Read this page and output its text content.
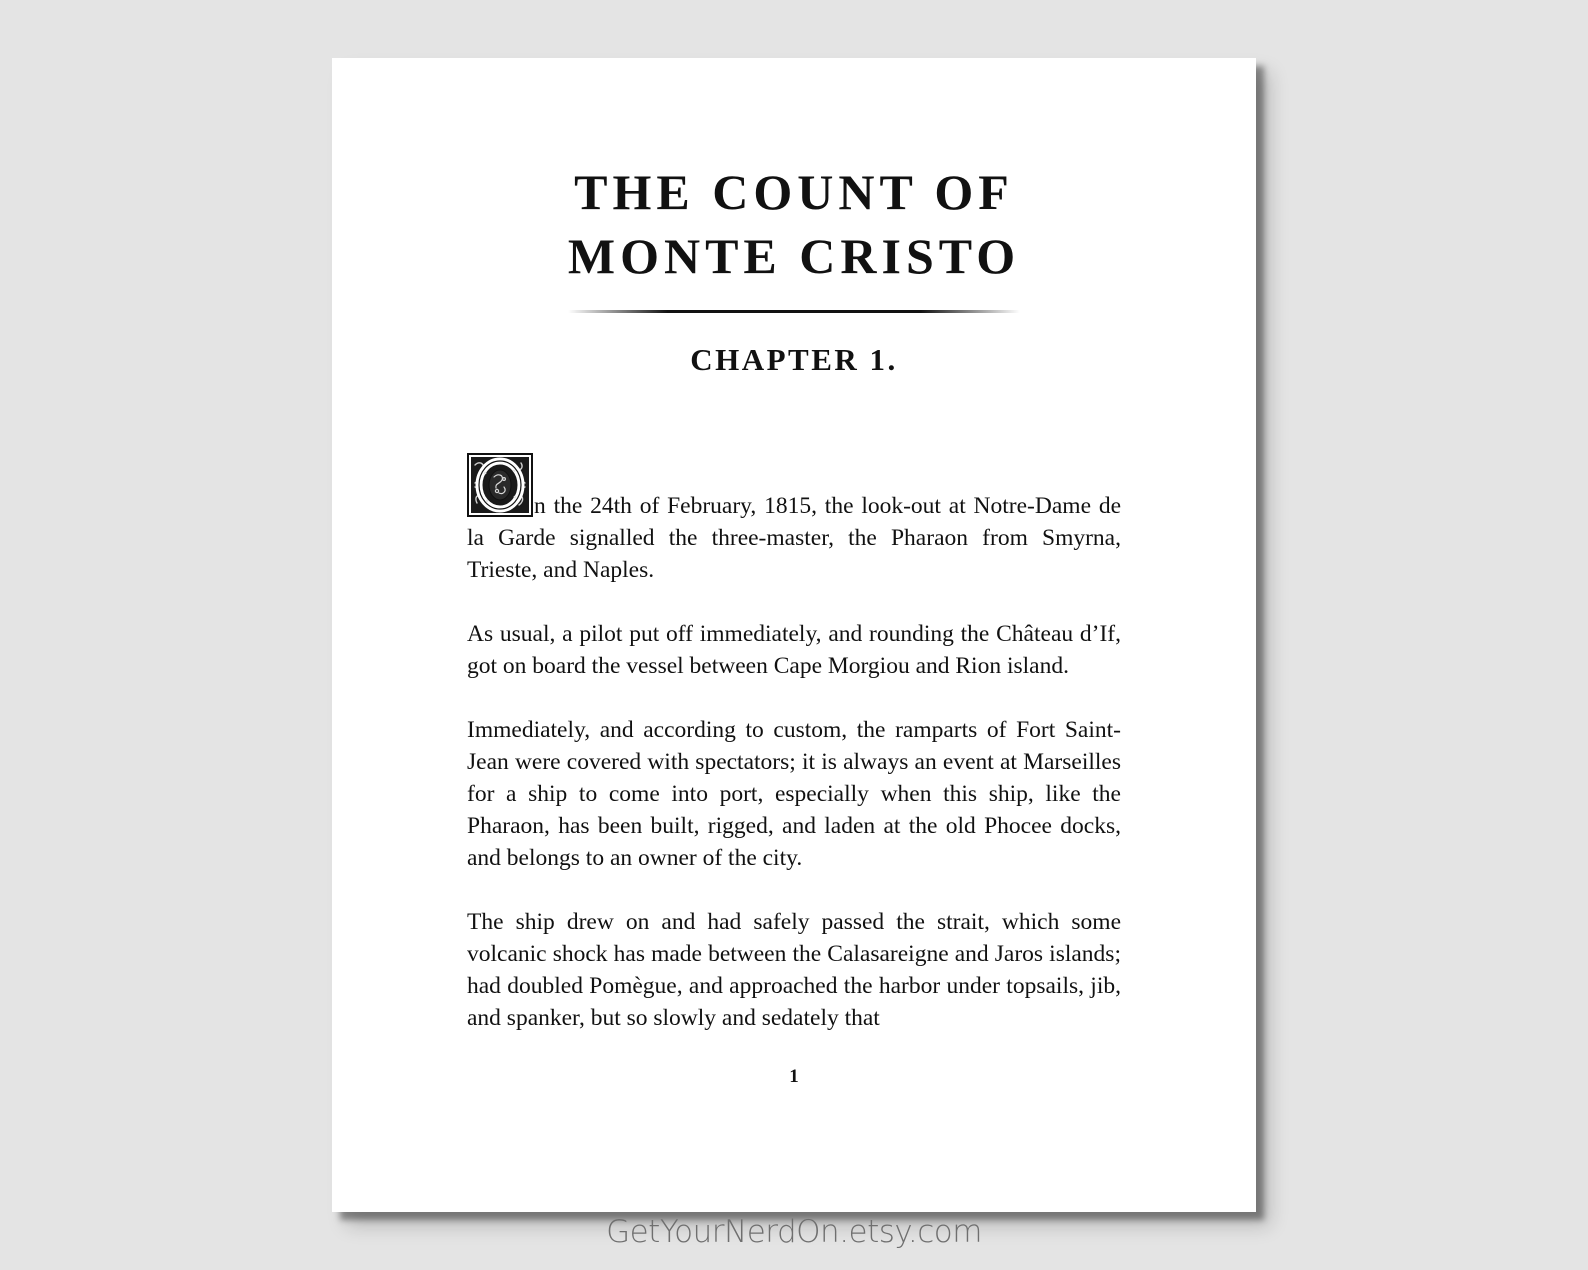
THE COUNT OF
MONTE CRISTO
CHAPTER 1.

n the 24th of February, 1815, the look-out at Notre-Dame de la Garde signalled the three-master, the Pharaon from Smyrna, Trieste, and Naples.

As usual, a pilot put off immediately, and rounding the Château d’If, got on board the vessel between Cape Morgiou and Rion island.

Immediately, and according to custom, the ramparts of Fort Saint-Jean were covered with spectators; it is always an event at Marseilles for a ship to come into port, especially when this ship, like the Pharaon, has been built, rigged, and laden at the old Phocee docks, and belongs to an owner of the city.

The ship drew on and had safely passed the strait, which some volcanic shock has made between the Calasareigne and Jaros islands; had doubled Pomègue, and approached the harbor under topsails, jib, and spanker, but so slowly and sedately that

1
GetYourNerdOn.etsy.com
